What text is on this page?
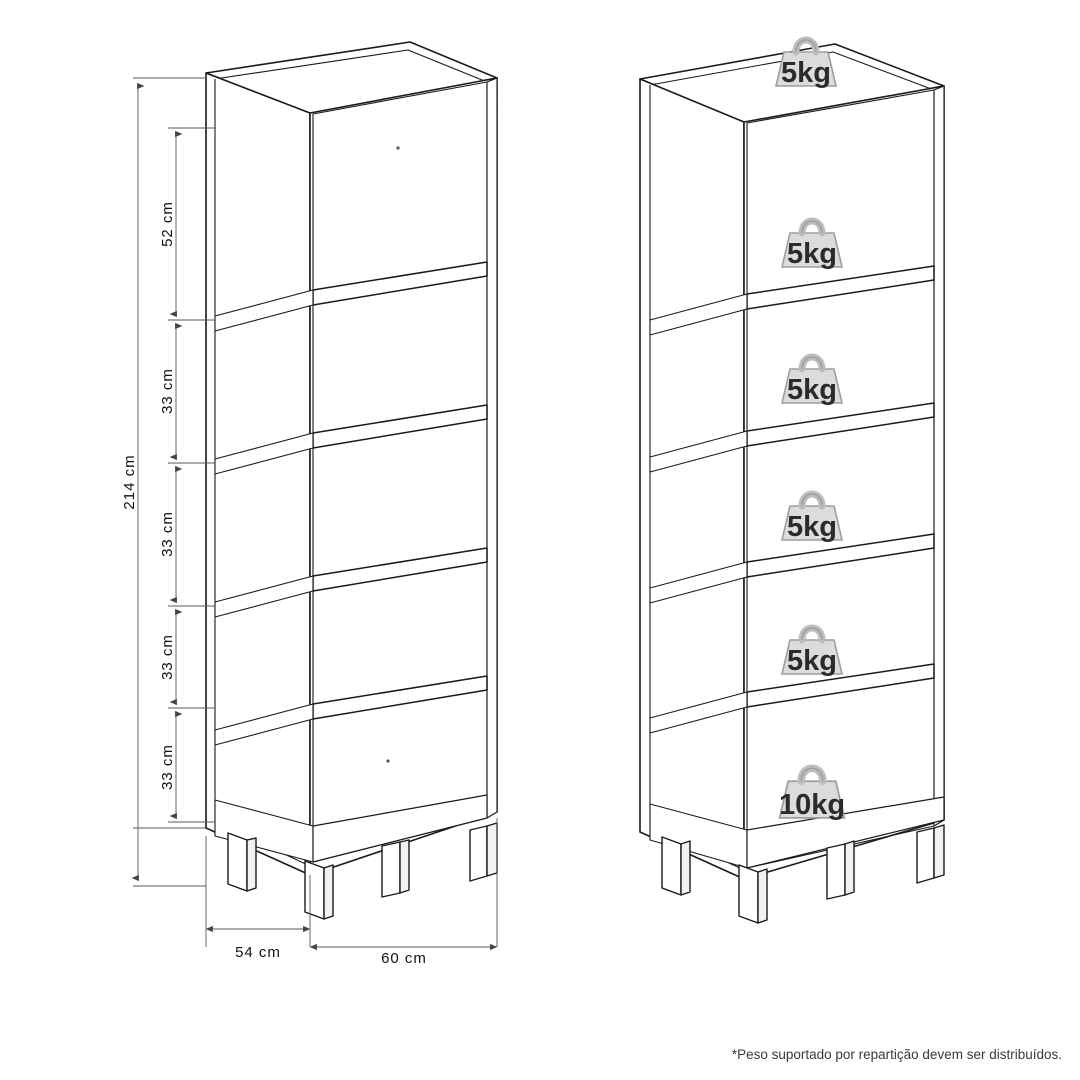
214 cm
52 cm
33 cm
33 cm
33 cm
33 cm
54 cm	60 cm
5kg
5kg
5kg
5kg
5kg
10kg
*Peso suportado por repartição devem ser distribuídos.
